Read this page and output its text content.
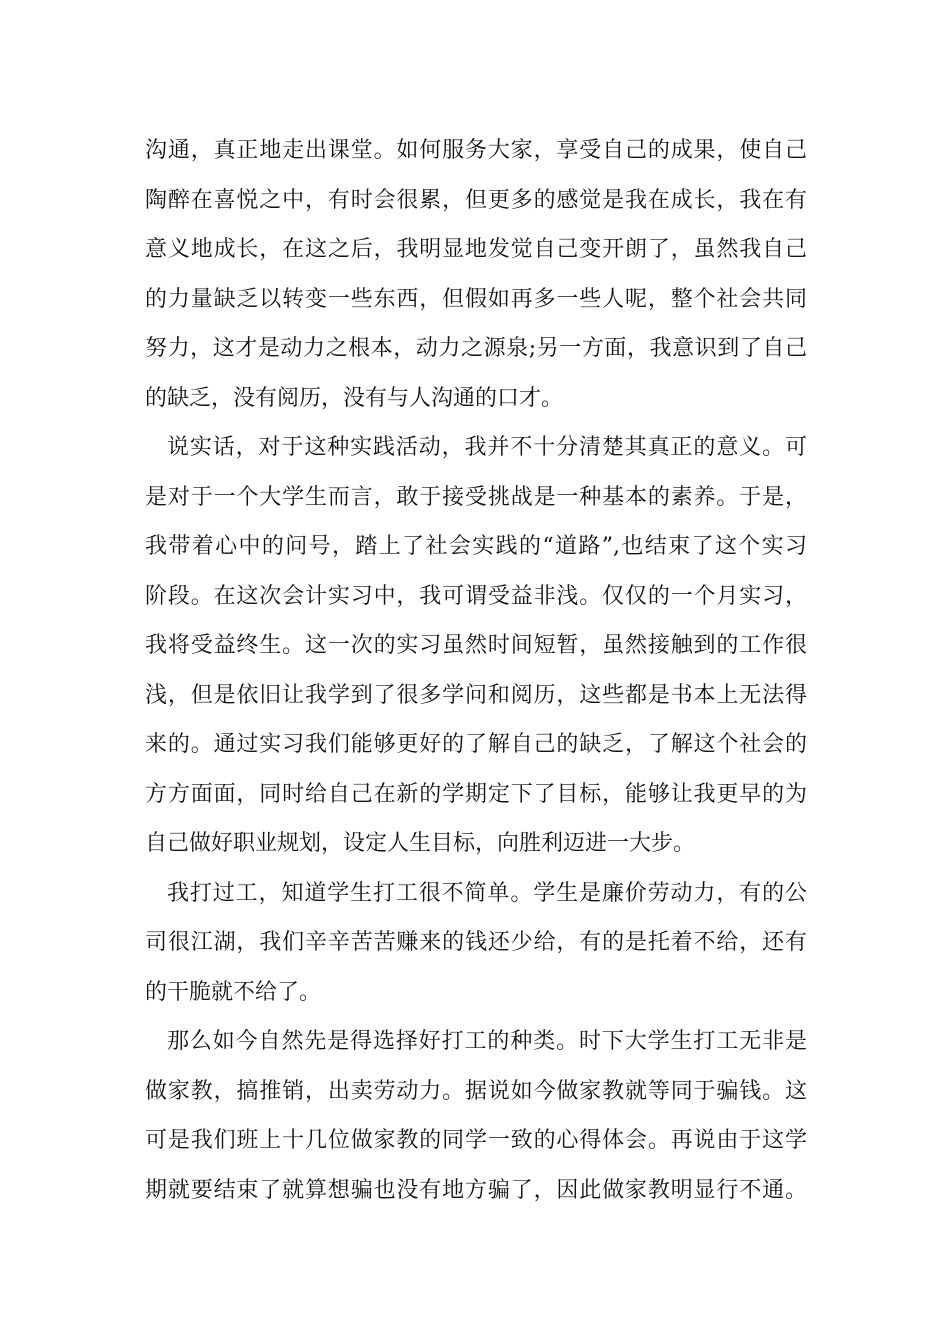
沟通，真正地走出课堂。如何服务大家，享受自己的成果，使自己
陶醉在喜悦之中，有时会很累，但更多的感觉是我在成长，我在有
意义地成长，在这之后，我明显地发觉自己变开朗了，虽然我自己
的力量缺乏以转变一些东西，但假如再多一些人呢，整个社会共同
努力，这才是动力之根本，动力之源泉;另一方面，我意识到了自己
的缺乏，没有阅历，没有与人沟通的口才。
说实话，对于这种实践活动，我并不十分清楚其真正的意义。可
是对于一个大学生而言，敢于接受挑战是一种基本的素养。于是，
我带着心中的问号，踏上了社会实践的“道路”,也结束了这个实习
阶段。在这次会计实习中，我可谓受益非浅。仅仅的一个月实习，
我将受益终生。这一次的实习虽然时间短暂，虽然接触到的工作很
浅，但是依旧让我学到了很多学问和阅历，这些都是书本上无法得
来的。通过实习我们能够更好的了解自己的缺乏，了解这个社会的
方方面面，同时给自己在新的学期定下了目标，能够让我更早的为
自己做好职业规划，设定人生目标，向胜利迈进一大步。
我打过工，知道学生打工很不简单。学生是廉价劳动力，有的公
司很江湖，我们辛辛苦苦赚来的钱还少给，有的是托着不给，还有
的干脆就不给了。
那么如今自然先是得选择好打工的种类。时下大学生打工无非是
做家教，搞推销，出卖劳动力。据说如今做家教就等同于骗钱。这
可是我们班上十几位做家教的同学一致的心得体会。再说由于这学
期就要结束了就算想骗也没有地方骗了，因此做家教明显行不通。
